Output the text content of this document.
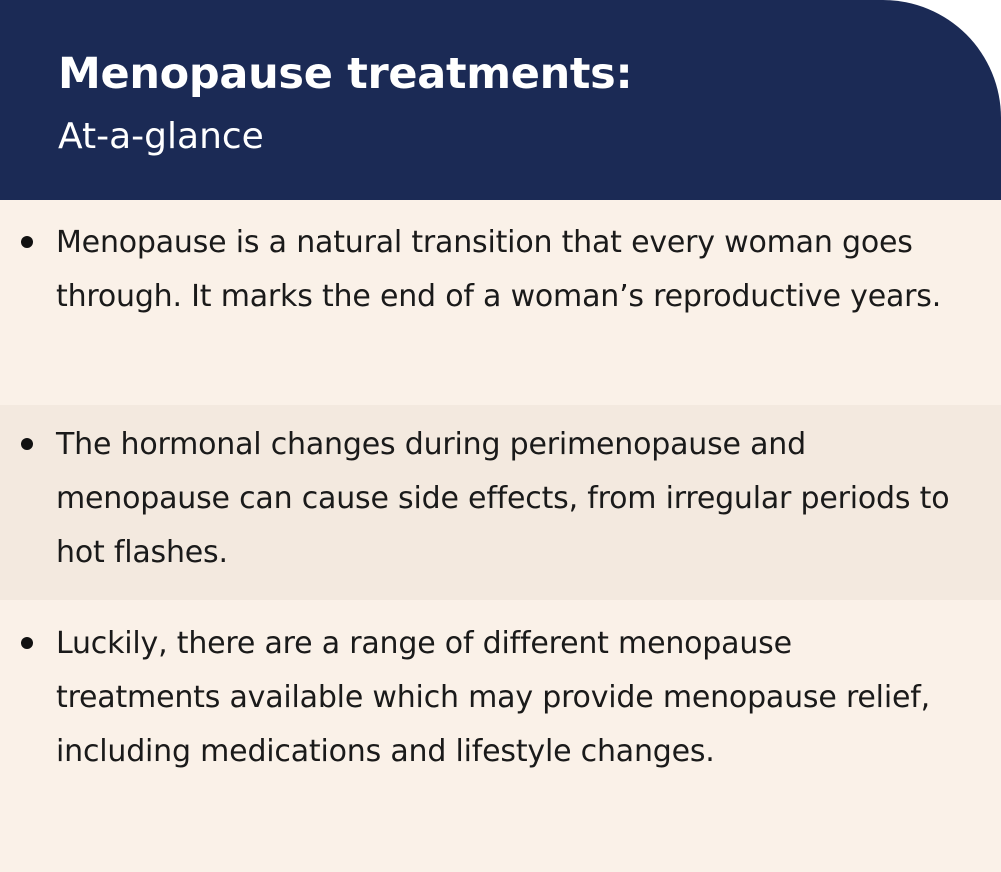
Menopause treatments:

At-a-glance

Menopause is a natural transition that every woman goes through. It marks the end of a woman’s reproductive years.

The hormonal changes during perimenopause and menopause can cause side effects, from irregular periods to hot flashes.

Luckily, there are a range of different menopause treatments available which may provide menopause relief, including medications and lifestyle changes.
